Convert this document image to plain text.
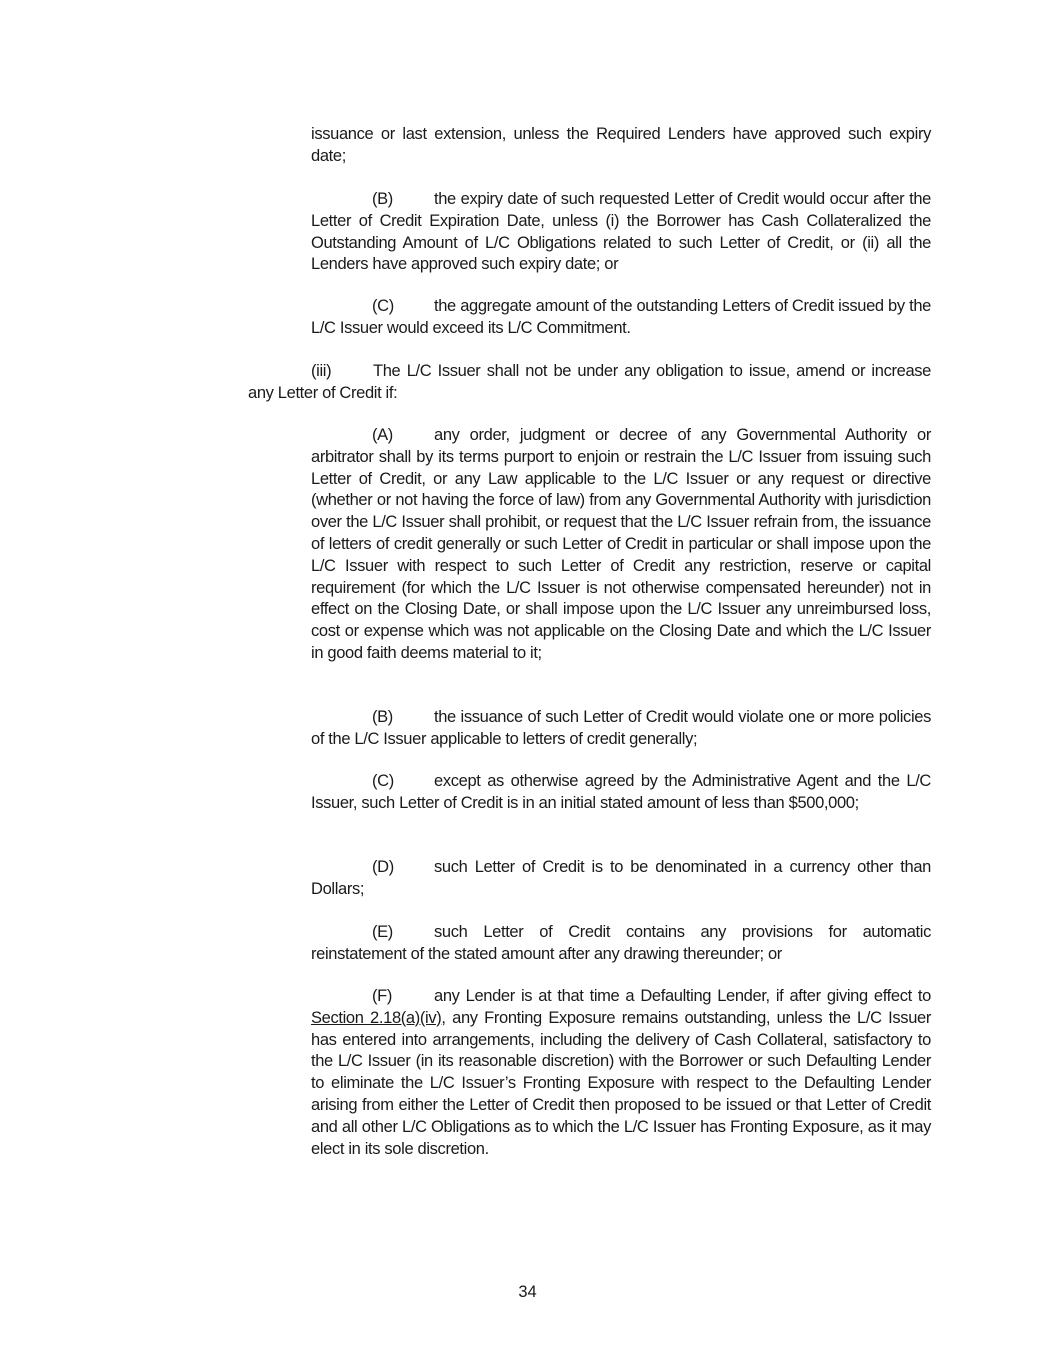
issuance or last extension, unless the Required Lenders have approved such expiry date;
(B) the expiry date of such requested Letter of Credit would occur after the Letter of Credit Expiration Date, unless (i) the Borrower has Cash Collateralized the Outstanding Amount of L/C Obligations related to such Letter of Credit, or (ii) all the Lenders have approved such expiry date; or
(C) the aggregate amount of the outstanding Letters of Credit issued by the L/C Issuer would exceed its L/C Commitment.
(iii)	The L/C Issuer shall not be under any obligation to issue, amend or increase any Letter of Credit if:
(A) any order, judgment or decree of any Governmental Authority or arbitrator shall by its terms purport to enjoin or restrain the L/C Issuer from issuing such Letter of Credit, or any Law applicable to the L/C Issuer or any request or directive (whether or not having the force of law) from any Governmental Authority with jurisdiction over the L/C Issuer shall prohibit, or request that the L/C Issuer refrain from, the issuance of letters of credit generally or such Letter of Credit in particular or shall impose upon the L/C Issuer with respect to such Letter of Credit any restriction, reserve or capital requirement (for which the L/C Issuer is not otherwise compensated hereunder) not in effect on the Closing Date, or shall impose upon the L/C Issuer any unreimbursed loss, cost or expense which was not applicable on the Closing Date and which the L/C Issuer in good faith deems material to it;
(B) the issuance of such Letter of Credit would violate one or more policies of the L/C Issuer applicable to letters of credit generally;
(C) except as otherwise agreed by the Administrative Agent and the L/C Issuer, such Letter of Credit is in an initial stated amount of less than $500,000;
(D) such Letter of Credit is to be denominated in a currency other than Dollars;
(E) such Letter of Credit contains any provisions for automatic reinstatement of the stated amount after any drawing thereunder; or
(F)	any Lender is at that time a Defaulting Lender, if after giving effect to Section 2.18(a)(iv), any Fronting Exposure remains outstanding, unless the L/C Issuer has entered into arrangements, including the delivery of Cash Collateral, satisfactory to the L/C Issuer (in its reasonable discretion) with the Borrower or such Defaulting Lender to eliminate the L/C Issuer’s Fronting Exposure with respect to the Defaulting Lender arising from either the Letter of Credit then proposed to be issued or that Letter of Credit and all other L/C Obligations as to which the L/C Issuer has Fronting Exposure, as it may elect in its sole discretion.
34
